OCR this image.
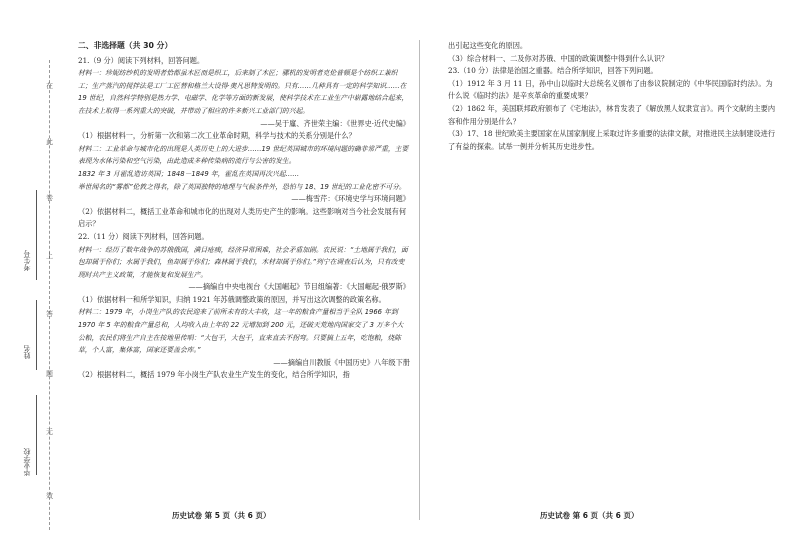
在
此
卷
上
答
题
无
效
考生号
姓名
毕业学校

二、非选择题（共 30 分）

21.（9 分）阅读下列材料，回答问题。

材料一：珍妮纺纱机的发明者恰都虽木匠而是织工，后来制了木匠；骡机的发明者克伦普顿是个纺织工兼织工；生产蒸汽的搅拌法是工厂工匠替和格兰大设得·奥凡思特发明的。只有……几种具有一定的科学知识……在 19 世纪，自然科学特别是热力学、电磁学、化学等方面的新发展，使科学技术在工业生产中崭露地结合起来，在技术上取得一系列重大的突破，并带动了相应的许多新兴工业部门的兴起。

——吴于廑、齐世荣主编：《世界史·近代史编》

（1）根据材料一，分析第一次和第二次工业革命时期，科学与技术的关系分别是什么？

材料二：工业革命与城市化的出现是人类历史上的大进步……19 世纪英国城市的环境问题的确非常严重，主要表现为水体污染和空气污染，由此造成多种传染病的流行与公害的发生。

1832 年 3 月霍乱造访英国；1848－1849 年，霍乱在英国再次兴起……

举世闻名的“雾都”伦敦之得名，除了英国独特的地理与气候条件外，恐怕与 18、19 世纪的工业化密不可分。

——梅雪芹：《环境史学与环境问题》

（2）依据材料二，概括工业革命和城市化的出现对人类历史产生的影响。这些影响对当今社会发展有何启示？

22.（11 分）阅读下列材料，回答问题。

材料一：经历了数年战争的苏俄俄国，满目疮痍，经济异常困难，社会矛盾加剧。农民说：“土地属于我们，面包却属于你们；水属于我们，鱼却属于你们；森林属于我们，木材却属于你们。”列宁在调查后认为，只有改变现时共产主义政策，才能恢复和发展生产。

——摘编自中央电视台《大国崛起》节目组编著：《大国崛起·俄罗斯》

（1）依据材料一和所学知识，归纳 1921 年苏俄调整政策的原因，并写出这次调整的政策名称。

材料二：1979 年，小岗生产队的农民迎来了前所未有的大丰收，这一年的粮食产量相当于全队 1966 年到 1970 年 5 年的粮食产量总和，人均收入由上年的 22 元增加到 200 元，还破天荒地向国家交了 3 万多个大公粮，农民们将生产自主在按地里传唱：“大包干，大包干，直来直去不拐弯。只要搞上五年，吃饱粮，烧陈草，个人富，集体富，国家还要盖会库。”

——摘编自川教版《中国历史》八年级下册

（2）根据材料二，概括 1979 年小岗生产队农业生产发生的变化，结合所学知识，指

出引起这些变化的原因。

（3）综合材料一、二及你对苏俄、中国的政策调整中得到什么认识？

23.（10 分）法律是治国之重器。结合所学知识，回答下列问题。

（1）1912 年 3 月 11 日，孙中山以临时大总统名义颁布了由参议院制定的《中华民国临时约法》。为什么说《临时约法》是辛亥革命的重要成果？

（2）1862 年，美国联邦政府颁布了《宅地法》，林肯发表了《解放黑人奴隶宣言》。两个文献的主要内容和作用分别是什么？

（3）17、18 世纪欧美主要国家在从国家制度上采取过许多重要的法律文献，对推进民主法制建设进行了有益的探索。试举一例并分析其历史进步性。

历史试卷 第 5 页（共 6 页）	历史试卷 第 6 页（共 6 页）
